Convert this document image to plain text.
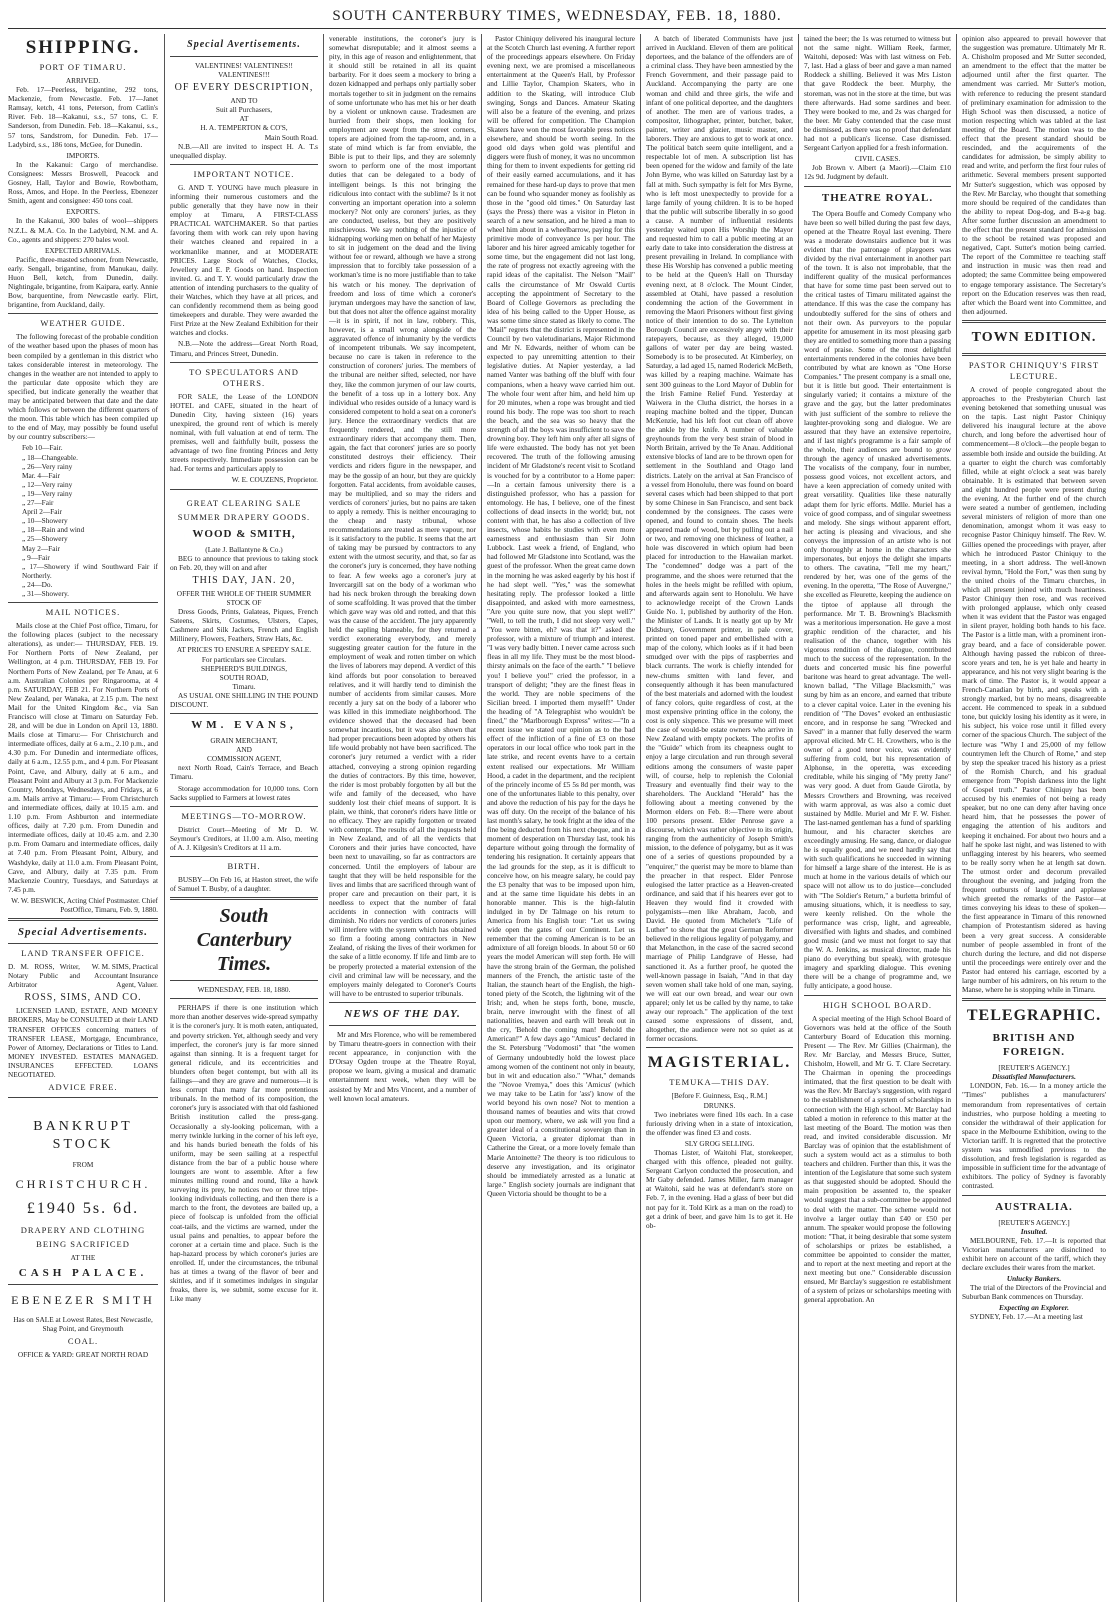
SOUTH CANTERBURY TIMES, WEDNESDAY, FEB. 18, 1880.
SHIPPING.
PORT OF TIMARU.
ARRIVED.

Feb. 17—Peerless, brigantine, 292 tons, Mackenzie, from Newcastle. Feb. 17—Janet Ramsay, ketch, 41 tons, Peterson, from Catlin's River. Feb. 18—Kakanui, s.s., 57 tons, C. F. Sanderson, from Dunedin. Feb. 18—Kakanui, s.s., 57 tons, Sandstrom, for Dunedin. Feb. 17—Ladybird, s.s., 186 tons, McGee, for Dunedin.

IMPORTS.

In the Kakanui: Cargo of merchandise. Consignees: Messrs Broswell, Peacock and Gosney, Hall, Taylor and Bowie, Rowbotham, Ross, Amos, and Hope. In the Peerless, Ebenezer Smith, agent and consignee: 450 tons coal.

EXPORTS.

In the Kakanui, 300 bales of wool—shippers N.Z.L. & M.A. Co. In the Ladybird, N.M. and A. Co., agents and shippers: 270 bales wool.

EXPECTED ARRIVALS.

Pacific, three-masted schooner, from Newcastle, early. Sengall, brigantine, from Manukau, daily. Huon Bell, ketch, from Dunedin, daily. Nightingale, brigantine, from Kaipara, early. Annie Bow, barquentine, from Newcastle early. Flirt, brigantine, from Auckland, daily.

WEATHER GUIDE.

The following forecast of the probable condition of the weather based upon the phases of moon has been compiled by a gentleman in this district who takes considerable interest in meteorology. The changes in the weather are not intended to apply to the particular date opposite which they are specified, but indicate generally the weather that may be anticipated between that date and the date which follows or between the different quarters of the moon. This table which has been compiled up to the end of May, may possibly be found useful by our country subscribers:—

Feb 10—Fair.
„ 18—Changeable.
„ 26—Very rainy
Mar. 4—Fair
„ 12—Very rainy
„ 19—Very rainy
„ 27—Fair
April 2—Fair
„ 10—Showery
„ 18—Rain and wind
„ 25—Showery
May 2—Fair
„ 9—Fair
„ 17—Showery if wind Southward Fair if Northerly.
„ 24—Do.
„ 31—Showery.
MAIL NOTICES.

Mails close at the Chief Post office, Timaru, for the following places (subject to the necessary alterations), as under:— THURSDAY, FEB. 19. For Northern Ports of New Zealand, per Wellington, at 4 p.m. THURSDAY, FEB 19. For Northern Ports of New Zealand, per Te Anau, at 6 a.m. Australian Colonies per Ringarooma, at 4 p.m. SATURDAY, FEB 21. For Northern Ports of New Zealand, per Wanaka, at 2.15 p.m. The next Mail for the United Kingdom &c., via San Francisco will close at Timaru on Saturday Feb. 28, and will be due in London on April 13, 1880. Mails close at Timaru:— For Christchurch and intermediate offices, daily at 6 a.m., 2.10 p.m., and 4.30 p.m. For Dunedin and intermediate offices, daily at 6 a.m., 12.55 p.m., and 4 p.m. For Pleasant Point, Cave, and Albury, daily at 6 a.m., and Pleasant Point and Albury at 3 p.m. For Mackenzie Country, Mondays, Wednesdays, and Fridays, at 6 a.m. Mails arrive at Timaru:— From Christchurch and intermediate offices, daily at 10.15 a.m. and 1.10 p.m. From Ashburton and intermediate offices, daily at 7.20 p.m. From Dunedin and intermediate offices, daily at 10.45 a.m. and 2.30 p.m. From Oamaru and intermediate offices, daily at 7.40 p.m. From Pleasant Point, Albury, and Washdyke, daily at 11.0 a.m. From Pleasant Point, Cave, and Albury, daily at 7.35 p.m. From Mackenzie Country, Tuesdays, and Saturdays at 7.45 p.m.

W. W. BESWICK, Acting Chief Postmaster. Chief PostOffice, Timaru, Feb. 9, 1880.
Special Advertisements.
LAND TRANSFER OFFICE.
D. M. ROSS, Writer, Notary Public and Arbitrator
W. M. SIMS, Practical Accountant Insurance Agent, Valuer.
ROSS, SIMS, AND CO.

LICENSED LAND, ESTATE, AND MONEY BROKERS, May be CONSULTED at their LAND TRANSFER OFFICES concerning matters of TRANSFER LEASE, Mortgage, Encumbrance, Power of Attorney, Declarations or Titles to Land. MONEY INVESTED. ESTATES MANAGED. INSURANCES EFFECTED. LOANS NEGOTIATED.

ADVICE FREE.
BANKRUPT STOCK
FROM
CHRISTCHURCH.
£1940 5s. 6d.
DRAPERY AND CLOTHING
BEING SACRIFICED
AT THE
CASH PALACE.
EBENEZER SMITH
Has on SALE at Lowest Rates, Best Newcastle, Shag Point, and Greymouth
COAL.
OFFICE & YARD: GREAT NORTH ROAD
Special Avertisements.
VALENTINES! VALENTINES!! VALENTINES!!!
OF EVERY DESCRIPTION,
AND TO
Suit all Purchasers,
AT
H. A. TEMPERTON & CO'S,
Main South Road.

N.B.—All are invited to inspect H. A. T.s unequalled display.

IMPORTANT NOTICE.

G. AND T. YOUNG have much pleasure in informing their numerous customers and the public generally that they have now in their employ at Timaru, A FIRST-CLASS PRACTICAL WATCHMAKER. So that parties favoring them with work can rely upon having their watches cleaned and repaired in a workmanlike manner, and at MODERATE PRICES. Large Stock of Watches, Clocks, Jewellery and E. P. Goods on hand. Inspection invited. G. and T. Y. would particularly draw the attention of intending purchasers to the quality of their Watches, which they have at all prices, and can confidently recommend them as being good timekeepers and durable. They were awarded the First Prize at the New Zealand Exhibition for their watches and clocks.

N.B.—Note the address—Great North Road, Timaru, and Princes Street, Dunedin.

TO SPECULATORS AND OTHERS.

FOR SALE, the Lease of the LONDON HOTEL and CAFE, situated in the heart of Dunedin City, having sixteen (16) years unexpired, the ground rent of which is merely nominal, with full valuation at end of term. The premises, well and faithfully built, possess the advantage of two fine fronting Princes and Jetty streets respectively. Immediate possession can be had. For terms and particulars apply to

W. E. COUZENS, Proprietor.
GREAT CLEARING SALE
SUMMER DRAPERY GOODS.
WOOD & SMITH,
(Late J. Ballantyne & Co.)

BEG to announce that previous to taking stock on Feb. 20, they will on and after

THIS DAY, JAN. 20,
OFFER THE WHOLE OF THEIR SUMMER STOCK OF

Dress Goods, Prints, Galateas, Piques, French Sateens, Skirts, Costumes, Ulsters, Capes, Cashmere and Silk Jackets, French and English Millinery, Flowers, Feathers, Straw Hats, &c.

AT PRICES TO ENSURE A SPEEDY SALE.
For particulars see Circulars.
SHEPHERD'S BUILDINGS,
SOUTH ROAD,
Timaru.

AS USUAL ONE SHILLING IN THE POUND DISCOUNT.

WM. EVANS,
GRAIN MERCHANT,
AND
COMMISSION AGENT,

next North Road, Cain's Terrace, and Beach Timaru.

Storage accommodation for 10,000 tons. Corn Sacks supplied to Farmers at lowest rates

MEETINGS—TO-MORROW.

District Court—Meeting of Mr D. W. Seymour's Creditors, at 11.00 a.m. Also, meeting of A. J. Kilgesin's Creditors at 11 a.m.

BIRTH.

BUSBY—On Feb 16, at Haston street, the wife of Samuel T. Busby, of a daughter.

South Canterbury Times.
WEDNESDAY, FEB. 18, 1880.

PERHAPS if there is one institution which more than another deserves wide-spread sympathy it is the coroner's jury. It is moth eaten, antiquated, and poverty stricken. Yet, although seedy and very imperfect, the coroner's jury is far more sinned against than sinning. It is a frequent target for general ridicule, and its eccentricities and blunders often beget contempt, but with all its failings—and they are grave and numerous—it is less corrupt than many far more pretentious tribunals. In the method of its composition, the coroner's jury is associated with that old fashioned British institution called the press-gang. Occasionally a sly-looking policeman, with a merry twinkle lurking in the corner of his left eye, and his hands buried beneath the folds of his uniform, may be seen sailing at a respectful distance from the bar of a public house where loungers are wont to assemble. After a few minutes milling round and round, like a hawk surveying its prey, he notices two or three tripe-looking individuals collecting, and then there is a march to the front, the devotees are bailed up, a piece of foolscap is unfolded from the official coat-tails, and the victims are warned, under the usual pains and penalties, to appear before the coroner at a certain time and place. Such is the hap-hazard process by which coroner's juries are enrolled. If, under the circumstances, the tribunal has at times a twang of the flavor of beer and skittles, and if it sometimes indulges in singular freaks, there is, we submit, some excuse for it. Like many

venerable institutions, the coroner's jury is somewhat disreputable; and it almost seems a pity, in this age of reason and enlightenment, that it should still be retained in all its quaint barbarity. For it does seem a mockery to bring a dozen kidnapped and perhaps only partially sober mortals together to sit in judgment on the remains of some unfortunate who has met his or her death by a violent or unknown cause. Tradesmen are hurried from their shops, men looking for employment are swept from the street corners, topers are adjoined from the tap-room, and, in a state of mind which is far from enviable, the Bible is put to their lips, and they are solemnly sworn to perform one of the most important duties that can be delegated to a body of intelligent beings. Is this not bringing the ridiculous into contact with the sublime? Is it not converting an important operation into a solemn mockery? Not only are coroners' juries, as they are conducted, useless, but they are positively mischievous. We say nothing of the injustice of kidnapping working men on behalf of her Majesty to sit in judgement on the dead and the living without fee or reward, although we have a strong impression that to forcibly take possession of a workman's time is no more justifiable than to take his watch or his money. The deprivation of freedom and loss of time which a coroner's juryman undergoes may have the sanction of law, but that does not alter the offence against morality—it is in spirit, if not in law, robbery. This, however, is a small wrong alongside of the aggravated offence of inhumanity by the verdicts of incompetent tribunals. We say incompetent, because no care is taken in reference to the construction of coroners' juries. The members of the tribunal are neither sifted, selected, nor have they, like the common jurymen of our law courts, the benefit of a toss up in a lottery box. Any individual who resides outside of a lunacy ward is considered competent to hold a seat on a coroner's jury. Hence the extraordinary verdicts that are frequently rendered, and the still more extraordinary riders that accompany them. Then, again, the fact that coroners' juries are so poorly constituted destroys their efficiency. Their verdicts and riders figure in the newspaper, and may be the gossip of an hour, but they are quickly forgotten. Fatal accidents, from avoidable causes, may be multiplied, and so may the riders and verdicts of coroners' juries, but no pains are taken to apply a remedy. This is neither encouraging to the cheap and nasty tribunal, whose recommendations are treated as mere vapour, nor is it satisfactory to the public. It seems that the art of taking may be pursued by contractors to any extent with the utmost security, and that, so far as the coroner's jury is concerned, they have nothing to fear. A few weeks ago a coroner's jury at Invercargill sat on the body of a workman who had his neck broken through the breaking down of some scaffolding. It was proved that the timber which gave way was old and rotted, and that this was the cause of the accident. The jury apparently held the sapling blameable, for they returned a verdict exonerating everybody, and merely suggesting greater caution for the future in the employment of weak and rotten timber on which the lives of laborers may depend. A verdict of this kind affords but poor consolation to bereaved relatives, and it will hardly tend to diminish the number of accidents from similar causes. More recently a jury sat on the body of a laborer who was killed in this immediate neighborhood. The evidence showed that the deceased had been somewhat incautious, but it was also shown that had proper precautions been adopted by others his life would probably not have been sacrificed. The coroner's jury returned a verdict with a rider attached, conveying a strong opinion regarding the duties of contractors. By this time, however, the rider is most probably forgotten by all but the wife and family of the deceased, who have suddenly lost their chief means of support. It is plain, we think, that coroner's riders have little or no efficacy. They are rapidly forgotten or treated with contempt. The results of all the inquests held in New Zealand, and of all the verdicts that Coroners and their juries have concocted, have been next to unavailing, so far as contractors are concerned. Until the employers of labour are taught that they will be held responsible for the lives and limbs that are sacrificed through want of proper care and precaution on their part, it is needless to expect that the number of fatal accidents in connection with contracts will diminish. No riders nor verdicts of coroners juries will interfere with the system which has obtained so firm a footing among contractors in New Zealand, of risking the lives of their workmen for the sake of a little economy. If life and limb are to be properly protected a material extension of the civil and criminal law will be necessary, and the employers mainly delegated to Coroner's Courts will have to be entrusted to superior tribunals.

NEWS OF THE DAY.

Mr and Mrs Florence, who will be remembered by Timaru theatre-goers in connection with their recent appearance, in conjunction with the D'Orsay Ogden troupe at the Theatre Royal, propose we learn, giving a musical and dramatic entertainment next week, when they will be assisted by Mr and Mrs Vincent, and a number of well known local amateurs.

Pastor Chiniquy delivered his inaugural lecture at the Scotch Church last evening. A further report of the proceedings appears elsewhere. On Friday evening next, we are promised a miscellaneous entertainment at the Queen's Hall, by Professor and Lillie Taylor, Champion Skaters, who in addition to the Skating, will introduce Club swinging, Songs and Dances. Amateur Skating will also be a feature of the evening, and prizes will be offered for competition. The Champion Skaters have won the most favorable press notices elsewhere, and should be worth seeing. In the good old days when gold was plentiful and diggers were flush of money, it was no uncommon thing for them to invent expedients for getting rid of their easily earned accumulations, and it has remained for these hard-up days to prove that men can be found who squander money as foolishly as those in the "good old times." On Saturday last (says the Press) there was a visitor in Pleton in search of a new sensation, and he hired a man to wheel him about in a wheelbarrow, paying for this primitive mode of conveyance 1s per hour. The laborer and his hirer agreed amicably together for some time, but the engagement did not last long, the rate of progress not exactly agreeing with the rapid ideas of the capitalist. The Nelson "Mail" calls the circumstance of Mr Oswald Curtis accepting the appointment of Secretary to the Board of College Governors as precluding the idea of his being called to the Upper House, as was some time since stated as likely to come. The "Mail" regrets that the district is represented in the Council by two valetudinarians, Major Richmond and Mr N. Edwards, neither of whom can be expected to pay unremitting attention to their legislative duties. At Napier yesterday, a lad named Vanter was bathing off the bluff with four companions, when a heavy wave carried him out. The whole four went after him, and held him up for 20 minutes, when a rope was brought and tied round his body. The rope was too short to reach the beach, and the sea was so heavy that the strength of all the boys was insufficient to save the drowning boy. They left him only after all signs of life were exhausted. The body has not yet been recovered. The truth of the following amusing incident of Mr Gladstone's recent visit to Scotland is vouched for by a contributor to a Home paper:—In a certain famous university there is a distinguished professor, who has a passion for entomology. He has, I believe, one of the finest collections of dead insects in the world; but, not content with that, he has also a collection of live insects, whose habits he studies with even more earnestness and enthusiasm than Sir John Lubbock. Last week a friend, of England, who had followed Mr Gladstone into Scotland, was the guest of the professor. When the great came down in the morning he was asked eagerly by his host if he had slept well. "Yes," was the somewhat hesitating reply. The professor looked a little disappointed, and asked with more earnestness, "Are you quite sure now, that you slept well?" "Well, to tell the truth, I did not sleep very well." "You were bitten, eh? was that it?" asked the professor, with a mixture of triumph and interest. "I was very badly bitten. I never came across such fleas in all my life. They must be the most blood-thirsty animals on the face of the earth." "I believe you! I believe you!" cried the professor, in a transport of delight; "they are the finest fleas in the world. They are noble specimens of the Sicilian breed. I imported them myself!" Under the heading of "A Telegraphist who wouldn't be fined," the "Marlborough Express" writes:—"In a recent issue we stated our opinion as to the bad effect of the infliction of a fine of £3 on those operators in our local office who took part in the late strike, and recent events have to a certain extent realised our expectations. Mr William Hood, a cadet in the department, and the recipient of the princely income of £5 5s 8d per month, was one of the unfortunates liable to this penalty, over and above the reduction of his pay for the days he was off duty. On the receipt of the balance of his last month's salary, he took fright at the idea of the fine being deducted from his next cheque, and in a moment of desperation on Thursday last, took his departure without going through the formality of tendering his resignation. It certainly appears that the lad grounds for the step, as it is difficult to conceive how, on his meagre salary, he could pay the £3 penalty that was to be imposed upon him, and at the same time liquidate his debts in an honorable manner. This is the high-falutin indulged in by Dr Talmage on his return to America from his English tour: "Let us swing wide open the gates of our Continent. Let us remember that the coming American is to be an admixture of all foreign bloods. In about 50 or 60 years the model American will step forth. He will have the strong brain of the German, the polished manners of the French, the artistic taste of the Italian, the staunch heart of the English, the high-toned piety of the Scotch, the lightning wit of the Irish; and, when he steps forth, bone, muscle, brain, nerve inwrought with the finest of all nationalities, heaven and earth will break out in the cry, 'Behold the coming man! Behold the American!'" A few days ago "Amicus" declared in the St. Petersburg "Vodomosti" that "the women of Germany undoubtedly hold the lowest place among women of the continent not only in beauty, but in wit and education also." "What," demands the "Novoe Vremya," does this 'Amicus' (which we may take to be Latin for 'ass') know of the world beyond his own nose? Not to mention a thousand names of beauties and wits that crowd upon our memory, where, we ask will you find a greater ideal of a constitutional sovereign than in Queen Victoria, a greater diplomat than in Catherine the Great, or a more lovely female than Marie Antoinette? The theory is too ridiculous to deserve any investigation, and its originator should be immediately arrested as a lunatic at large." English society journals are indignant that Queen Victoria should be thought to be a

A batch of liberated Communists have just arrived in Auckland. Eleven of them are political deportees, and the balance of the offenders are of a criminal class. They have been amnestied by the French Government, and their passage paid to Auckland. Accompanying the party are one woman and child and three girls, the wife and infant of one political deportee, and the daughters of another. The men are of various trades, a compositor, lithographer, printer, butcher, baker, painter, writer and glazier, music master, and laborers. They are anxious to get to work at once. The political batch seem quite intelligent, and a respectable lot of men. A subscription list has been opened for the widow and family of the late John Byrne, who was killed on Saturday last by a fall at mith. Such sympathy is felt for Mrs Byrne, who is left most unexpectedly to provide for a large family of young children. It is to be hoped that the public will subscribe liberally in so good a cause. A number of influential residents yesterday waited upon His Worship the Mayor and requested him to call a public meeting at an early date to take into consideration the distress at present prevailing in Ireland. In compliance with these His Worship has convened a public meeting to be held at the Queen's Hall on Thursday evening next, at 8 o'clock. The Mount Cinder, assembled at Otahi, have passed a resolution condemning the action of the Government in removing the Maori Prisoners without first giving notice of their intention to do so. The Lyttelton Borough Council are excessively angry with their ratepayers, because, as they alleged, 19,000 gallons of water per day are being wasted. Somebody is to be prosecuted. At Kimberley, on Saturday, a lad aged 15, named Roderick McBeth, was killed by a reaping machine. Waimate has sent 300 guineas to the Lord Mayor of Dublin for the Irish Famine Relief Fund. Yesterday at Waiwera in the Clutha district, the horses in a reaping machine bolted and the tipper, Duncan McKenzie, had his left foot cut clean off above the ankle by the knife. A number of valuable greyhounds from the very best strain of blood in North Britain, arrived by the Te Anau. Additional extensive blocks of land are to be thrown open for settlement in the Southland and Otago land districts. Lately on the arrival at San Francisco of a vessel from Honolulu, there was found on board several cases which had been shipped to that port by some Chinese in San Francisco, and sent back condemned by the consignees. The cases were opened, and found to contain shoes. The heels appeared made of wood, but by pulling out a nail or two, and removing one thickness of leather, a hole was discovered in which opium had been placed for introduction to the Hawaiian market. The "condemned" dodge was a part of the programme, and the shoes were returned that the holes in the heels might be refilled with opium, and afterwards again sent to Honolulu. We have to acknowledge receipt of the Crown Lands Guide No. 1, published by authority of the Hon. the Minister of Lands. It is neatly got up by Mr Didsbury, Government printer, in pale cover, printed on toned paper and embellished with a map of the colony, which looks as if it had been smudged over with the pips of raspberries and black currants. The work is chiefly intended for new-chums smitten with land fever, and consequently although it has been manufactured of the best materials and adorned with the loudest of fancy colors, quite regardless of cost, at the most expensive printing office in the colony, the cost is only sixpence. This we presume will meet the case of would-be estate owners who arrive in New Zealand with empty pockets. The profits of the "Guide" which from its cheapness ought to enjoy a large circulation and run through several editions among the consumers of waste paper will, of course, help to replenish the Colonial Treasury and eventually find their way to the shareholders. The Auckland "Herald" has the following about a meeting convened by the Mormon elders on Feb. 8:—There were about 100 persons present. Elder Penrose gave a discourse, which was rather objective to its origin, ranging from the authenticity of Joseph Smith's mission, to the defence of polygamy, but as it was one of a series of questions propounded by a "enquirer," the querist may be more to blame than the preacher in that respect. Elder Penrose eulogised the latter practice as a Heaven-created ordinance, and said that if his hearers ever got to Heaven they would find it crowded with polygamists—men like Abraham, Jacob, and David. He quoted from Michelet's "Life of Luther" to show that the great German Reformer believed in the religious legality of polygamy, and that Melancthon, in the case of the sacred second marriage of Philip Landgrave of Hesse, had sanctioned it. As a further proof, he quoted the well-known passage in Isaiah, "And in that day seven women shall take hold of one man, saying, we will eat our own bread, and wear our own apparel; only let us be called by thy name, to take away our reproach." The application of the text caused some expressions of dissent, and, altogether, the audience were not so quiet as at former occasions.

MAGISTERIAL.
TEMUKA—THIS DAY.
[Before F. Guinness, Esq., R.M.]
DRUNKS.

Two inebriates were fined 10s each. In a case furiously driving when in a state of intoxication, the offender was fined £3 and costs.

SLY GROG SELLING.

Thomas Lister, of Waitohi Flat, storekeeper, charged with this offence, pleaded not guilty. Sergeant Carlyon conducted the prosecution, and Mr Gaby defended. James Miller, farm manager at Waitohi, said he was at defendant's store on Feb. 7, in the evening. Had a glass of beer but did not pay for it. Told Kirk as a man on the road) to get a drink of beer, and gave him 1s to get it. He ob-

tained the beer; the 1s was returned to witness but not the same night. William Reek, farmer, Waitohi, deposed: Was with last witness on Feb. 7, last. Had a glass of beer and gave a man named Roddeck a shilling. Believed it was Mrs Liston that gave Roddeck the beer. Murphy, the storeman, was not in the store at the time, but was there afterwards. Had some sardines and beer. They were booked to me, and 2s was charged for the beer. Mr Gaby contended that the case must be dismissed, as there was no proof that defendant had not a publican's license. Case dismissed. Sergeant Carlyon applied for a fresh information.

CIVIL CASES.

Job Brown v. Albert (a Maori).—Claim £10 12s 9d. Judgment by default.

THEATRE ROYAL.

The Opera Bouffe and Comedy Company who have been so well billed during the past few days, opened at the Theatre Royal last evening. There was a moderate downstairs audience but it was evident that the patronage of playgoers was divided by the rival entertainment in another part of the town. It is also not improbable, that the indifferent quality of the musical performances that have for some time past been served out to the critical tastes of Timaru militated against the attendance. If this was the case the company has undoubtedly suffered for the sins of others and not their own. As purveyors to the popular appetite for amusement in its most pleasing garb they are entitled to something more than a passing word of praise. Some of the most delightful entertainments rendered in the colonies have been contributed by what are known as "One Horse Companies." The present company is a small one, but it is little but good. Their entertainment is singularly varied; it contains a mixture of the grave and the gay, but the latter predominates with just sufficient of the sombre to relieve the laughter-provoking song and dialogue. We are assured that they have an extensive repertoire, and if last night's programme is a fair sample of the whole, their audiences are bound to grow through the agency of unasked advertisements. The vocalists of the company, four in number, possess good voices, not excellent actors, and have a keen appreciation of comedy united with great versatility. Qualities like these naturally adapt them for lyric efforts. Mdlle. Muriel has a voice of good compass, and of singular sweetness and melody. She sings without apparent effort, her acting is pleasing and vivacious, and she conveys the impression of an artiste who is not only thoroughly at home in the characters she impersonates, but enjoys the delight she imparts to others. The cavatina, "Tell me my heart," rendered by her, was one of the gems of the evening. In the operetta, "The Rose of Auvergne," she excelled as Fleurette, keeping the audience on the tiptoe of applause all through the performance. Mr T. B. Browning's Blacksmith was a meritorious impersonation. He gave a most graphic rendition of the character, and his realisation of the chance, together with his vigorous rendition of the dialogue, contributed much to the success of the representation. In the duets and concerted music his fine powerful baritone was heard to great advantage. The well-known ballad, "The Village Blacksmith," was sung by him as an encore, and earned that tribute to a clever capital voice. Later in the evening his rendition of "The Doves" evoked an enthusiastic encore, and in response he sang "Wrecked and Saved" in a manner that fully deserved the warm approval elicited. Mr C. H. Crowthers, who is the owner of a good tenor voice, was evidently suffering from cold, but his representation of Alphonse, in the operetta, was exceeding creditable, while his singing of "My pretty Jane" was very good. A duet from Gaude Girotla, by Messrs Crowthers and Browning, was received with warm approval, as was also a comic duet sustained by Mdlle. Muriel and Mr F. W. Fisher. The last-named gentleman has a fund of sparkling humour, and his character sketches are exceedingly amusing. He sang, dance, or dialogue he is equally good, and we need hardly say that with such qualifications he succeeded in winning for himself a large share of the interest. He is as much at home in the various details of which our space will not allow us to do justice—concluded with "The Soldier's Return," a burletta brimful of amusing situations, which, it is needless to say, were keenly relished. On the whole the performance was crisp, light, and agreeable, diversified with lights and shades, and combined good music (and we must not forget to say that the W. A. Jenkins, as musical director, made his piano do everything but speak), with grotesque imagery and sparkling dialogue. This evening there will be a change of programme and, we fully anticipate, a good house.

HIGH SCHOOL BOARD.

A special meeting of the High School Board of Governors was held at the office of the South Canterbury Board of Education this morning. Present — The Rev. Mr Gillies (Chairman), the Rev. Mr Barclay, and Messrs Bruce, Sutter, Chisholm, Howell, and Mr G. T. Clare Secretary. The Chairman in opening the proceedings intimated, that the first question to be dealt with was the Rev. Mr Barclay's suggestion, with regard to the establishment of a system of scholarships in connection with the High school. Mr Barclay had tabled a motion in reference to this matter at the last meeting of the Board. The motion was then read, and invited considerable discussion. Mr Barclay was of opinion that the establishment of such a system would act as a stimulus to both teachers and children. Further than this, it was the intention of the Legislature that some such system as that suggested should be adopted. Should the main proposition be assented to, the speaker would suggest that a sub-committee be appointed to deal with the matter. The scheme would not involve a larger outlay than £40 or £50 per annum. The speaker would propose the following motion: "That, it being desirable that some system of scholarships or prizes be established, a committee be appointed to consider the matter, and to report at the next meeting and report at the next meeting but one." Considerable discussion ensued, Mr Barclay's suggestion re establishment of a system of prizes or scholarships meeting with general approbation. An

opinion also appeared to prevail however that the suggestion was premature. Ultimately Mr R. A. Chisholm proposed and Mr Sutter seconded, an amendment to the effect that the matter be adjourned until after the first quarter. The amendment was carried. Mr Sutter's motion, with reference to reducing the present standard of preliminary examination for admission to the High School was then discussed, a notice of motion respecting which was tabled at the last meeting of the Board. The motion was to the effect that the present standard should be rescinded, and the acquirements of the candidates for admission, be simply ability to read and write, and perform the first four rules of arithmetic. Several members present supported Mr Sutter's suggestion, which was opposed by the Rev. Mr Barclay, who thought that something more should be required of the candidates than the ability to repeat Dog-dog, and B-a-g bag. After some further discussion an amendment to the effect that the present standard for admission to the school be retained was proposed and negatived, Capt. Sutter's motion being carried. The report of the Committee re teaching staff and instruction in music was then read and adopted; the same Committee being empowered to engage temporary assistance. The Secretary's report on the Education reserves was then read, after which the Board went into Committee, and then adjourned.

TOWN EDITION.
PASTOR CHINIQUY'S FIRST LECTURE.

A crowd of people congregated about the approaches to the Presbyterian Church last evening betokened that something unusual was on the tapis. Last night Pastor Chiniquy delivered his inaugural lecture at the above church, and long before the advertised hour of commencement—8 o'clock—the people began to assemble both inside and outside the building. At a quarter to eight the church was comfortably filled, while at eight o'clock a seat was barely obtainable. It is estimated that between seven and eight hundred people were present during the evening. At the further end of the church were seated a number of gentlemen, including several ministers of religion of more than one denomination, amongst whom it was easy to recognise Pastor Chiniquy himself. The Rev. W. Gillies opened the proceedings with prayer, after which he introduced Pastor Chiniquy to the meeting, in a short address. The well-known revival hymn, "Hold the Fort," was then sung by the united choirs of the Timaru churches, in which all present joined with much heartiness. Pastor Chiniquy then rose, and was received with prolonged applause, which only ceased when it was evident that the Pastor was engaged in silent prayer, holding both hands to his face. The Pastor is a little man, with a prominent iron-gray beard, and a face of considerable power. Although having passed the rubicon of three-score years and ten, he is yet hale and hearty in appearance, and his not very slight bearing is the mark of time. The Pastor is, it would appear a French-Canadian by birth, and speaks with a strongly marked, but by no means, disagreeable accent. He commenced to speak in a subdued tone, but quickly losing his identity as it were, in his subject, his voice rose until it filled every corner of the spacious Church. The subject of the lecture was "Why I and 25,000 of my fellow countrymen left the Church of Rome," and step by step the speaker traced his history as a priest of the Romish Church, and his gradual emergence from "Popish darkness into the light of Gospel truth." Pastor Chiniquy has been accused by his enemies of not being a ready speaker, but no one can deny after having once heard him, that he possesses the power of engaging the attention of his auditors and keeping it enchained. For about two hours and a half he spoke last night, and was listened to with unflagging interest by his hearers, who seemed to be really sorry when he at length sat down. The utmost order and decorum prevailed throughout the evening, and judging from the frequent outbursts of laughter and applause which greeted the remarks of the Pastor—at times conveying his ideas to these of spoken—the first appearance in Timaru of this renowned champion of Protestantism sidered as having been a very great success. A considerable number of people assembled in front of the church during the lecture, and did not disperse until the proceedings were entirely over and the Pastor had entered his carriage, escorted by a large number of his admirers, on his return to the Manse, where he is stopping while in Timaru.

TELEGRAPHIC.
BRITISH AND FOREIGN.
[REUTER'S AGENCY.]
Dissatisfied Manufacturers.

LONDON, Feb. 16.— In a money article the "Times" publishes a manufacturers' memorandum from representatives of certain industries, who purpose holding a meeting to consider the withdrawal of their application for space in the Melbourne Exhibition, owing to the Victorian tariff. It is regretted that the protective system was unmodified previous to the dissolution, and fresh legislation is regarded as impossible in sufficient time for the advantage of exhibitors. The policy of Sydney is favorably contrasted.

AUSTRALIA.
[REUTER'S AGENCY.]
Insulted.

MELBOURNE, Feb. 17.—It is reported that Victorian manufacturers are disinclined to exhibit here on account of the tariff, which they declare excludes their wares from the market.

Unlucky Bankers.

The trial of the Directors of the Provincial and Suburban Bank commences on Thursday.

Expecting an Explorer.

SYDNEY, Feb. 17.—At a meeting last
